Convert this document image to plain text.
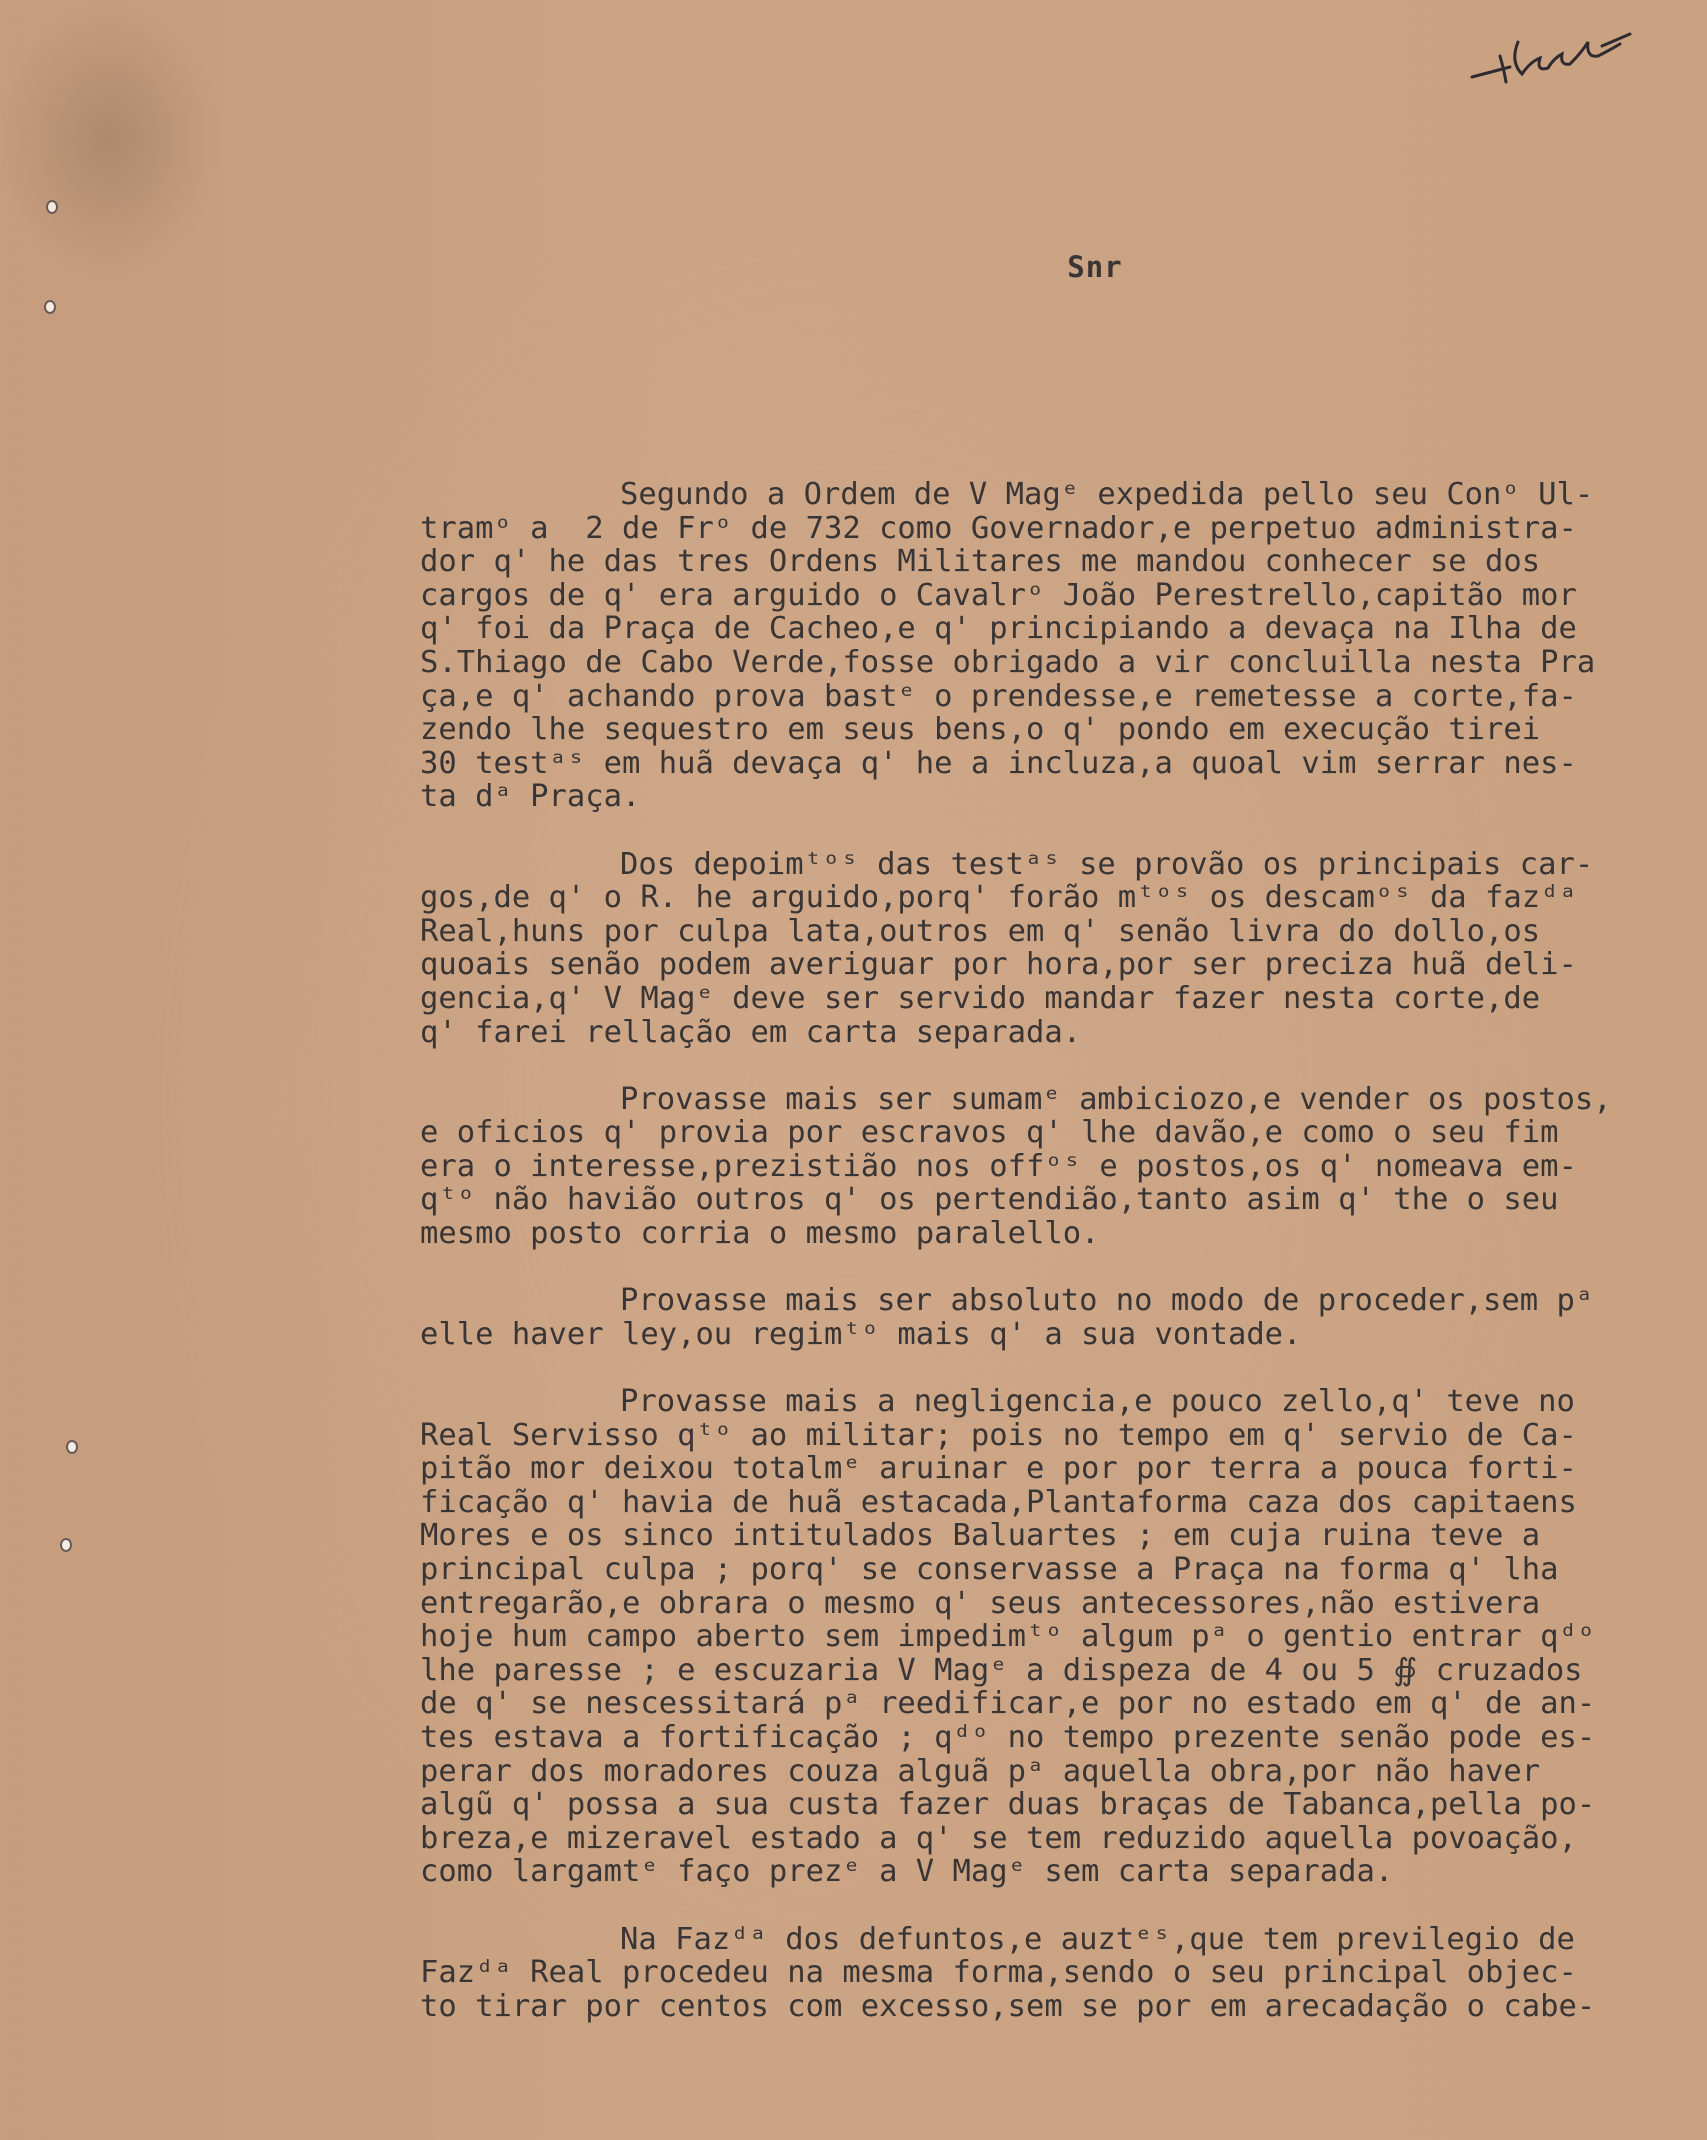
Snr
Segundo a Ordem de V Magᵉ expedida pello seu Conᵒ Ul-
tramᵒ a  2 de Frᵒ de 732 como Governador,e perpetuo administra-
dor q' he das tres Ordens Militares me mandou conhecer se dos
cargos de q' era arguido o Cavalrᵒ João Perestrello,capitão mor
q' foi da Praça de Cacheo,e q' principiando a devaça na Ilha de
S.Thiago de Cabo Verde,fosse obrigado a vir concluilla nesta Pra
ça,e q' achando prova bastᵉ o prendesse,e remetesse a corte,fa-
zendo lhe sequestro em seus bens,o q' pondo em execução tirei
30 testᵃˢ em huã devaça q' he a incluza,a quoal vim serrar nes-
ta dᵃ Praça.
Dos depoimᵗᵒˢ das testᵃˢ se provão os principais car-
gos,de q' o R. he arguido,porq' forão mᵗᵒˢ os descamᵒˢ da fazᵈᵃ
Real,huns por culpa lata,outros em q' senão livra do dollo,os
quoais senão podem averiguar por hora,por ser preciza huã deli-
gencia,q' V Magᵉ deve ser servido mandar fazer nesta corte,de
q' farei rellação em carta separada.
Provasse mais ser sumamᵉ ambiciozo,e vender os postos,
e oficios q' provia por escravos q' lhe davão,e como o seu fim
era o interesse,prezistião nos offᵒˢ e postos,os q' nomeava em-
qᵗᵒ não havião outros q' os pertendião,tanto asim q' the o seu
mesmo posto corria o mesmo paralello.
Provasse mais ser absoluto no modo de proceder,sem pᵃ
elle haver ley,ou regimᵗᵒ mais q' a sua vontade.
Provasse mais a negligencia,e pouco zello,q' teve no
Real Servisso qᵗᵒ ao militar; pois no tempo em q' servio de Ca-
pitão mor deixou totalmᵉ aruinar e por por terra a pouca forti-
ficação q' havia de huã estacada,Plantaforma caza dos capitaens
Mores e os sinco intitulados Baluartes ; em cuja ruina teve a
principal culpa ; porq' se conservasse a Praça na forma q' lha
entregarão,e obrara o mesmo q' seus antecessores,não estivera
hoje hum campo aberto sem impedimᵗᵒ algum pᵃ o gentio entrar qᵈᵒ
lhe paresse ; e escuzaria V Magᵉ a dispeza de 4 ou 5 ∯ cruzados
de q' se nescessitará pᵃ reedificar,e por no estado em q' de an-
tes estava a fortificação ; qᵈᵒ no tempo prezente senão pode es-
perar dos moradores couza alguã pᵃ aquella obra,por não haver
algũ q' possa a sua custa fazer duas braças de Tabanca,pella po-
breza,e mizeravel estado a q' se tem reduzido aquella povoação,
como largamtᵉ faço prezᵉ a V Magᵉ sem carta separada.
Na Fazᵈᵃ dos defuntos,e auztᵉˢ,que tem previlegio de
Fazᵈᵃ Real procedeu na mesma forma,sendo o seu principal objec-
to tirar por centos com excesso,sem se por em arecadação o cabe-
